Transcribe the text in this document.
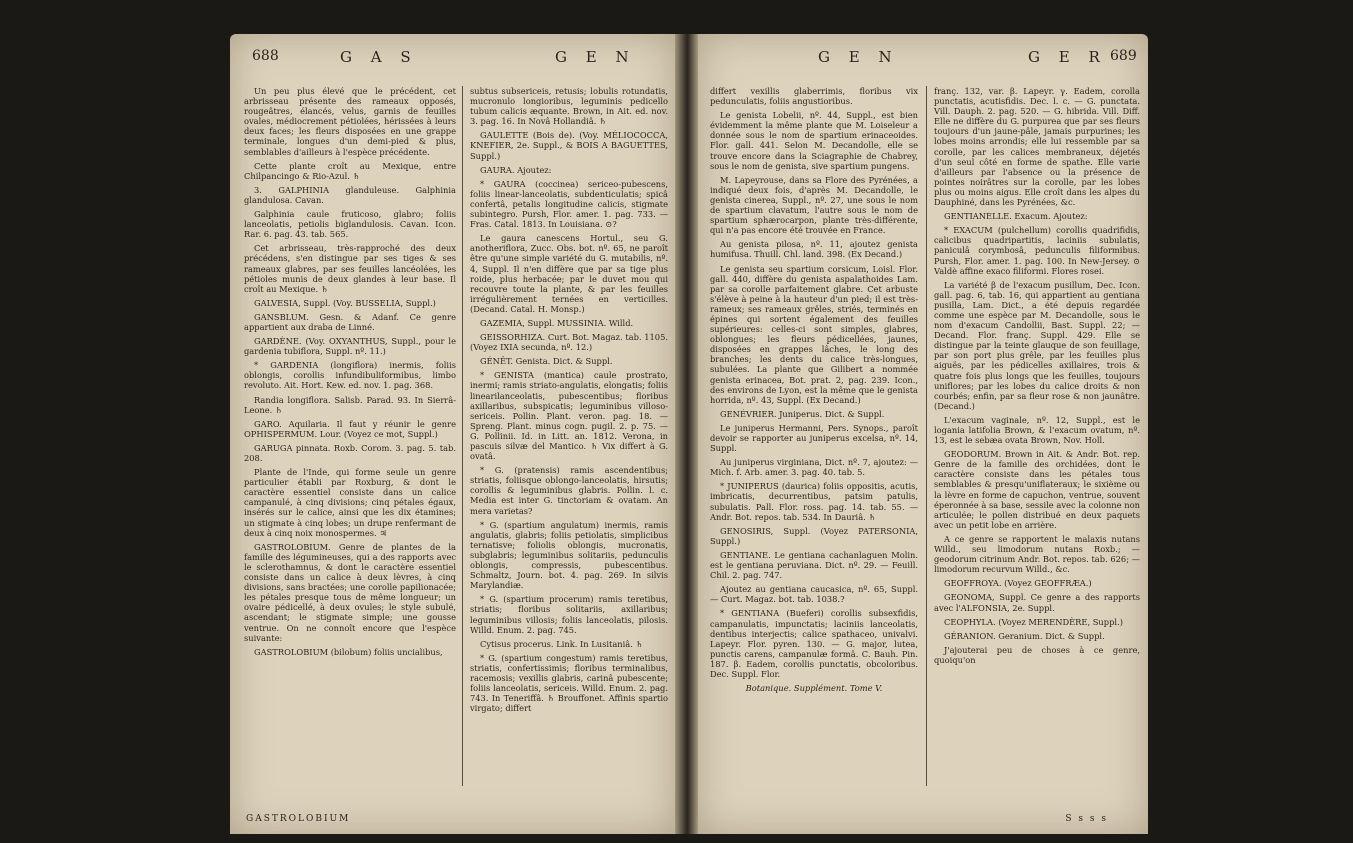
688	G A S	G E N

Un peu plus élevé que le précédent, cet arbrisseau présente des rameaux opposés, rougeâtres, élancés, velus, garnis de feuilles ovales, médiocrement pétiolées, hérissées à leurs deux faces; les fleurs disposées en une grappe terminale, longues d'un demi-pied & plus, semblables d'ailleurs à l'espèce précédente.

Cette plante croît au Mexique, entre Chilpancingo & Rio-Azul. ♄

3. GALPHINIA glanduleuse. Galphinia glandulosa. Cavan.

Galphinia caule fruticoso, glabro; foliis lanceolatis, petiolis biglandulosis. Cavan. Icon. Rar. 6. pag. 43. tab. 565.

Cet arbrisseau, très-rapproché des deux précédens, s'en distingue par ses tiges & ses rameaux glabres, par ses feuilles lancéolées, les pétioles munis de deux glandes à leur base. Il croît au Mexique. ♄

GALVESIA, Suppl. (Voy. BUSSELIA, Suppl.)

GANSBLUM. Gesn. & Adanf. Ce genre appartient aux draba de Linné.

GARDÈNE. (Voy. OXYANTHUS, Suppl., pour le gardenia tubiflora, Suppl. nº. 11.)

* GARDENIA (longiflora) inermis, foliis oblongis, corollis infundibuliformibus, limbo revoluto. Ait. Hort. Kew. ed. nov. 1. pag. 368.

Randia longiflora. Salisb. Parad. 93. In Sierrâ-Leone. ♄

GARO. Aquilaria. Il faut y réunir le genre OPHISPERMUM. Lour. (Voyez ce mot, Suppl.)

GARUGA pinnata. Roxb. Corom. 3. pag. 5. tab. 208.

Plante de l'Inde, qui forme seule un genre particulier établi par Roxburg, & dont le caractère essentiel consiste dans un calice campanulé, à cinq divisions; cinq pétales égaux, insérés sur le calice, ainsi que les dix étamines; un stigmate à cinq lobes; un drupe renfermant de deux à cinq noix monospermes. ♃

GASTROLOBIUM. Genre de plantes de la famille des légumineuses, qui a des rapports avec le sclerothamnus, & dont le caractère essentiel consiste dans un calice à deux lèvres, à cinq divisions, sans bractées; une corolle papilionacée; les pétales presque tous de même longueur; un ovaire pédicellé, à deux ovules; le style subulé, ascendant; le stigmate simple; une gousse ventrue. On ne connoît encore que l'espèce suivante:

GASTROLOBIUM (bilobum) foliis uncialibus,

subtus subsericeis, retusis; lobulis rotundatis, mucronulo longioribus, leguminis pedicello tubum calicis æquante. Brown, in Ait. ed. nov. 3. pag. 16. In Novâ Hollandiâ. ♄

GAULETTE (Bois de). (Voy. MÉLIOCOCCA, KNEFIER, 2e. Suppl., & BOIS A BAGUETTES, Suppl.)

GAURA. Ajoutez:

* GAURA (coccinea) sericeo-pubescens, foliis linear-lanceolatis, subdenticulatis; spicâ confertâ, petalis longitudine calicis, stigmate subintegro. Pursh, Flor. amer. 1. pag. 733. — Fras. Catal. 1813. In Louisiana. ⊙?

Le gaura canescens Hortul., seu G. anotheriflora, Zucc. Obs. bot. nº. 65, ne paroît être qu'une simple variété du G. mutabilis, nº. 4, Suppl. Il n'en diffère que par sa tige plus roide, plus herbacée; par le duvet mou qui recouvre toute la plante, & par les feuilles irrégulièrement ternées en verticilles. (Decand. Catal. H. Monsp.)

GAZEMIA, Suppl. MUSSINIA. Willd.

GEISSORHIZA. Curt. Bot. Magaz. tab. 1105. (Voyez IXIA secunda, nº. 12.)

GÉNÊT. Genista. Dict. & Suppl.

* GENISTA (mantica) caule prostrato, inermi; ramis striato-angulatis, elongatis; foliis linearilanceolatis, pubescentibus; floribus axillaribus, subspicatis; leguminibus villoso-sericeis. Pollin. Plant. veron. pag. 18. — Spreng. Plant. minus cogn. pugil. 2. p. 75. — G. Pollinii. Id. in Litt. an. 1812. Verona, in pascuis silvæ del Mantico. ♄ Vix differt à G. ovatâ.

* G. (pratensis) ramis ascendentibus; striatis, foliisque oblongo-lanceolatis, hirsutis; corollis & leguminibus glabris. Pollin. l. c. Media est inter G. tinctoriam & ovatam. An mera varietas?

* G. (spartium angulatum) inermis, ramis angulatis, glabris; foliis petiolatis, simplicibus ternatisve; foliolis oblongis, mucronatis, subglabris; leguminibus solitariis, pedunculis oblongis, compressis, pubescentibus. Schmaltz, Journ. bot. 4. pag. 269. In silvis Marylandiæ.

* G. (spartium procerum) ramis teretibus, striatis; floribus solitariis, axillaribus; leguminibus villosis; foliis lanceolatis, pilosis. Willd. Enum. 2. pag. 745.

Cytisus procerus. Link. In Lusitaniâ. ♄

* G. (spartium congestum) ramis teretibus, striatis, confertissimis; floribus terminalibus, racemosis; vexillis glabris, carinâ pubescente; foliis lanceolatis, sericeis. Willd. Enum. 2. pag. 743. In Teneriffâ. ♄ Brouffonet. Affinis spartio virgato; differt

GASTROLOBIUM
G E N	G E R 689

differt vexillis glaberrimis, floribus vix pedunculatis, foliis angustioribus.

Le genista Lobelii, nº. 44, Suppl., est bien évidemment la même plante que M. Loiseleur a donnée sous le nom de spartium erinaceoides. Flor. gall. 441. Selon M. Decandolle, elle se trouve encore dans la Sciagraphie de Chabrey, sous le nom de genista, sive spartium pungens.

M. Lapeyrouse, dans sa Flore des Pyrénées, a indiqué deux fois, d'après M. Decandolle, le genista cinerea, Suppl., nº. 27, une sous le nom de spartium clavatum, l'autre sous le nom de spartium sphærocarpon, plante très-différente, qui n'a pas encore été trouvée en France.

Au genista pilosa, nº. 11, ajoutez genista humifusa. Thuill. Chl. land. 398. (Ex Decand.)

Le genista seu spartium corsicum, Loisl. Flor. gall. 440, diffère du genista aspalathoides Lam. par sa corolle parfaitement glabre. Cet arbuste s'élève à peine à la hauteur d'un pied; il est très-rameux; ses rameaux grêles, striés, terminés en épines qui sortent également des feuilles supérieures: celles-ci sont simples, glabres, oblongues; les fleurs pédicellées, jaunes, disposées en grappes lâches, le long des branches; les dents du calice très-longues, subulées. La plante que Gilibert a nommée genista erinacea, Bot. prat. 2, pag. 239. Icon., des environs de Lyon, est la même que le genista horrida, nº. 43, Suppl. (Ex Decand.)

GENÉVRIER. Juniperus. Dict. & Suppl.

Le juniperus Hermanni, Pers. Synops., paroît devoir se rapporter au juniperus excelsa, nº. 14, Suppl.

Au juniperus virginiana, Dict. nº. 7, ajoutez: — Mich. f. Arb. amer. 3. pag. 40. tab. 5.

* JUNIPERUS (daurica) foliis oppositis, acutis, imbricatis, decurrentibus, patsim patulis, subulatis. Pall. Flor. ross. pag. 14. tab. 55. — Andr. Bot. repos. tab. 534. In Dauriâ. ♄

GENOSIRIS, Suppl. (Voyez PATERSONIA, Suppl.)

GENTIANE. Le gentiana cachanlaguen Molin. est le gentiana peruviana. Dict. nº. 29. — Feuill. Chil. 2. pag. 747.

Ajoutez au gentiana caucasica, nº. 65, Suppl. — Curt. Magaz. bot. tab. 1038.?

* GENTIANA (Bueferi) corollis subsexfidis, campanulatis, impunctatis; laciniis lanceolatis, dentibus interjectis; calice spathaceo, univalvi. Lapeyr. Flor. pyren. 130. — G. major, lutea, punctis carens, campanulæ formâ. C. Bauh. Pin. 187. β. Eadem, corollis punctatis, obcoloribus. Dec. Suppl. Flor.

Botanique. Supplément. Tome V.

franç. 132, var. β. Lapeyr. γ. Eadem, corolla punctatis, acutisfidis. Dec. l. c. — G. punctata. Vill. Dauph. 2. pag. 520. — G. hibrida. Vill. Diff. Elle ne diffère du G. purpurea que par ses fleurs toujours d'un jaune-pâle, jamais purpurines; les lobes moins arrondis; elle lui ressemble par sa corolle, par les calices membraneux, déjetés d'un seul côté en forme de spathe. Elle varie d'ailleurs par l'absence ou la présence de pointes noirâtres sur la corolle, par les lobes plus ou moins aigus. Elle croît dans les alpes du Dauphiné, dans les Pyrénées, &c.

GENTIANELLE. Exacum. Ajoutez:

* EXACUM (pulchellum) corollis quadrifidis, calicibus quadripartitis, laciniis subulatis, paniculâ corymbosâ, pedunculis filiformibus. Pursh, Flor. amer. 1. pag. 100. In New-Jersey. ⊙ Valdè affine exaco filiformi. Flores rosei.

La variété β de l'exacum pusillum, Dec. Icon. gall. pag. 6, tab. 16, qui appartient au gentiana pusilla, Lam. Dict., a été depuis regardée comme une espèce par M. Decandolle, sous le nom d'exacum Candollii, Bast. Suppl. 22; — Decand. Flor. franç. Suppl. 429. Elle se distingue par la teinte glauque de son feuillage, par son port plus grêle, par les feuilles plus aiguës, par les pédicelles axillaires, trois & quatre fois plus longs que les feuilles, toujours uniflores; par les lobes du calice droits & non courbés; enfin, par sa fleur rose & non jaunâtre. (Decand.)

L'exacum vaginale, nº. 12, Suppl., est le logania latifolia Brown, & l'exacum ovatum, nº. 13, est le sebæa ovata Brown, Nov. Holl.

GEODORUM. Brown in Ait. & Andr. Bot. rep. Genre de la famille des orchidées, dont le caractère consiste dans les pétales tous semblables & presqu'uniflateraux; le sixième ou la lèvre en forme de capuchon, ventrue, souvent éperonnée à sa base, sessile avec la colonne non articulée; le pollen distribué en deux paquets avec un petit lobe en arrière.

A ce genre se rapportent le malaxis nutans Willd., seu limodorum nutans Roxb.; — geodorum citrinum Andr. Bot. repos. tab. 626; — limodorum recurvum Willd., &c.

GEOFFROYA. (Voyez GEOFFRÆA.)

GEONOMA, Suppl. Ce genre a des rapports avec l'ALFONSIA, 2e. Suppl.

CEOPHYLA. (Voyez MERENDÈRE, Suppl.)

GÉRANION. Geranium. Dict. & Suppl.

J'ajouterai peu de choses à ce genre, quoiqu'on

S s s s
